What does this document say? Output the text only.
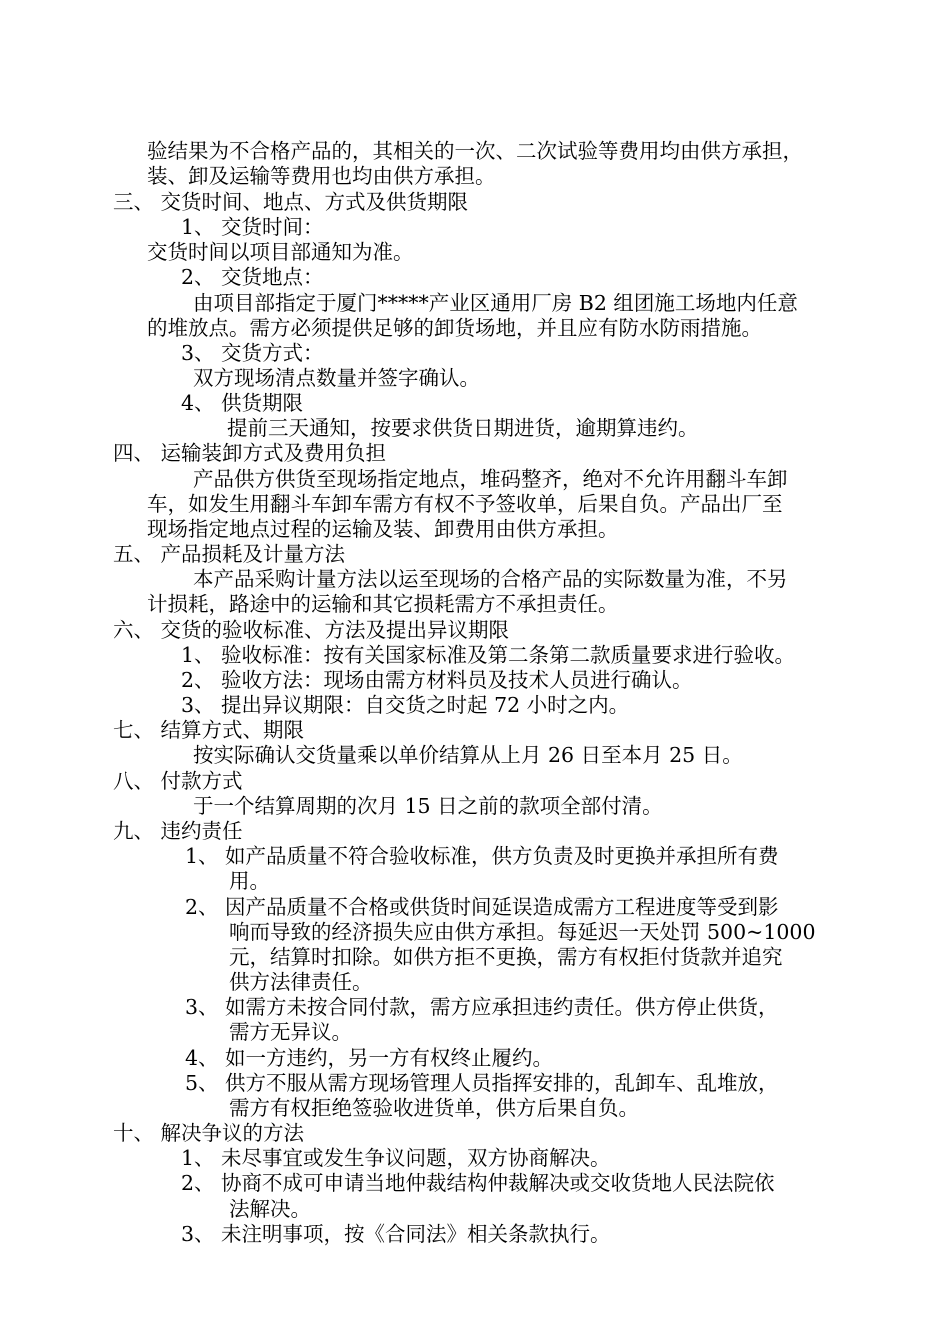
验结果为不合格产品的，其相关的一次、二次试验等费用均由供方承担，
装、卸及运输等费用也均由供方承担。
三、 交货时间、地点、方式及供货期限
1、 交货时间：
交货时间以项目部通知为准。
2、 交货地点：
由项目部指定于厦门*****产业区通用厂房 B2 组团施工场地内任意
的堆放点。需方必须提供足够的卸货场地，并且应有防水防雨措施。
3、 交货方式：
双方现场清点数量并签字确认。
4、 供货期限
提前三天通知，按要求供货日期进货，逾期算违约。
四、 运输装卸方式及费用负担
产品供方供货至现场指定地点，堆码整齐，绝对不允许用翻斗车卸
车，如发生用翻斗车卸车需方有权不予签收单，后果自负。产品出厂至
现场指定地点过程的运输及装、卸费用由供方承担。
五、 产品损耗及计量方法
本产品采购计量方法以运至现场的合格产品的实际数量为准，不另
计损耗，路途中的运输和其它损耗需方不承担责任。
六、 交货的验收标准、方法及提出异议期限
1、 验收标准：按有关国家标准及第二条第二款质量要求进行验收。
2、 验收方法：现场由需方材料员及技术人员进行确认。
3、 提出异议期限：自交货之时起 72 小时之内。
七、 结算方式、期限
按实际确认交货量乘以单价结算从上月 26 日至本月 25 日。
八、 付款方式
于一个结算周期的次月 15 日之前的款项全部付清。
九、 违约责任
1、 如产品质量不符合验收标准，供方负责及时更换并承担所有费
用。
2、 因产品质量不合格或供货时间延误造成需方工程进度等受到影
响而导致的经济损失应由供方承担。每延迟一天处罚 500~1000
元，结算时扣除。如供方拒不更换，需方有权拒付货款并追究
供方法律责任。
3、 如需方未按合同付款，需方应承担违约责任。供方停止供货，
需方无异议。
4、 如一方违约，另一方有权终止履约。
5、 供方不服从需方现场管理人员指挥安排的，乱卸车、乱堆放，
需方有权拒绝签验收进货单，供方后果自负。
十、 解决争议的方法
1、 未尽事宜或发生争议问题，双方协商解决。
2、 协商不成可申请当地仲裁结构仲裁解决或交收货地人民法院依
法解决。
3、 未注明事项，按《合同法》相关条款执行。
